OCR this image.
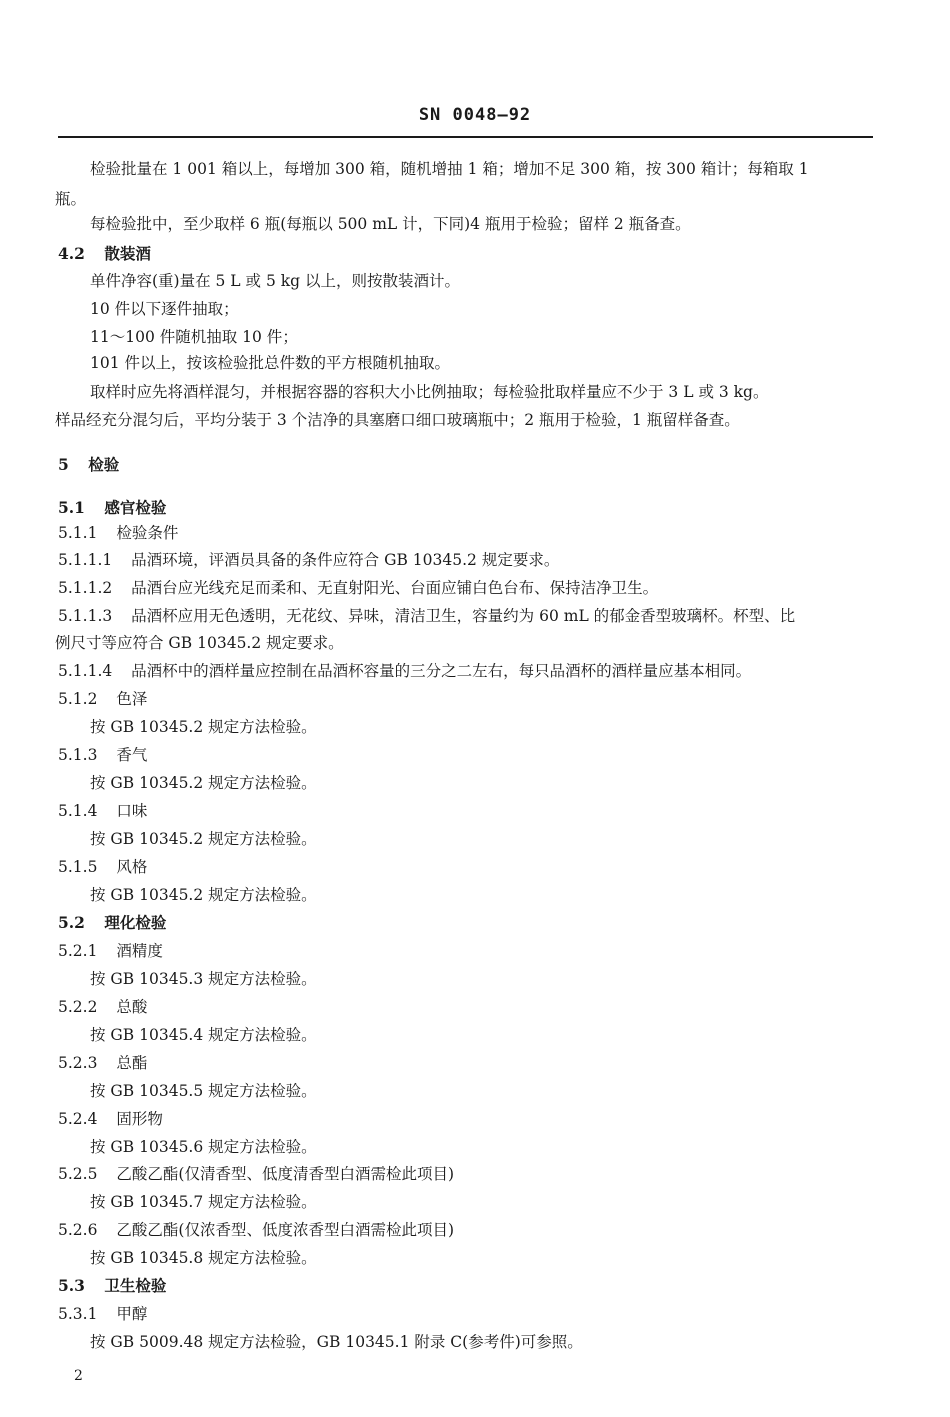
SN 0048—92
检验批量在 1 001 箱以上，每增加 300 箱，随机增抽 1 箱；增加不足 300 箱，按 300 箱计；每箱取 1
瓶。
每检验批中，至少取样 6 瓶(每瓶以 500 mL 计，下同)4 瓶用于检验；留样 2 瓶备查。
4.2 散装酒
单件净容(重)量在 5 L 或 5 kg 以上，则按散装酒计。
10 件以下逐件抽取；
11～100 件随机抽取 10 件；
101 件以上，按该检验批总件数的平方根随机抽取。
取样时应先将酒样混匀，并根据容器的容积大小比例抽取；每检验批取样量应不少于 3 L 或 3 kg。
样品经充分混匀后，平均分装于 3 个洁净的具塞磨口细口玻璃瓶中；2 瓶用于检验，1 瓶留样备查。
5 检验
5.1 感官检验
5.1.1 检验条件
5.1.1.1 品酒环境，评酒员具备的条件应符合 GB 10345.2 规定要求。
5.1.1.2 品酒台应光线充足而柔和、无直射阳光、台面应铺白色台布、保持洁净卫生。
5.1.1.3 品酒杯应用无色透明，无花纹、异味，清洁卫生，容量约为 60 mL 的郁金香型玻璃杯。杯型、比
例尺寸等应符合 GB 10345.2 规定要求。
5.1.1.4 品酒杯中的酒样量应控制在品酒杯容量的三分之二左右，每只品酒杯的酒样量应基本相同。
5.1.2 色泽
按 GB 10345.2 规定方法检验。
5.1.3 香气
按 GB 10345.2 规定方法检验。
5.1.4 口味
按 GB 10345.2 规定方法检验。
5.1.5 风格
按 GB 10345.2 规定方法检验。
5.2 理化检验
5.2.1 酒精度
按 GB 10345.3 规定方法检验。
5.2.2 总酸
按 GB 10345.4 规定方法检验。
5.2.3 总酯
按 GB 10345.5 规定方法检验。
5.2.4 固形物
按 GB 10345.6 规定方法检验。
5.2.5 乙酸乙酯(仅清香型、低度清香型白酒需检此项目)
按 GB 10345.7 规定方法检验。
5.2.6 乙酸乙酯(仅浓香型、低度浓香型白酒需检此项目)
按 GB 10345.8 规定方法检验。
5.3 卫生检验
5.3.1 甲醇
按 GB 5009.48 规定方法检验，GB 10345.1 附录 C(参考件)可参照。
2
